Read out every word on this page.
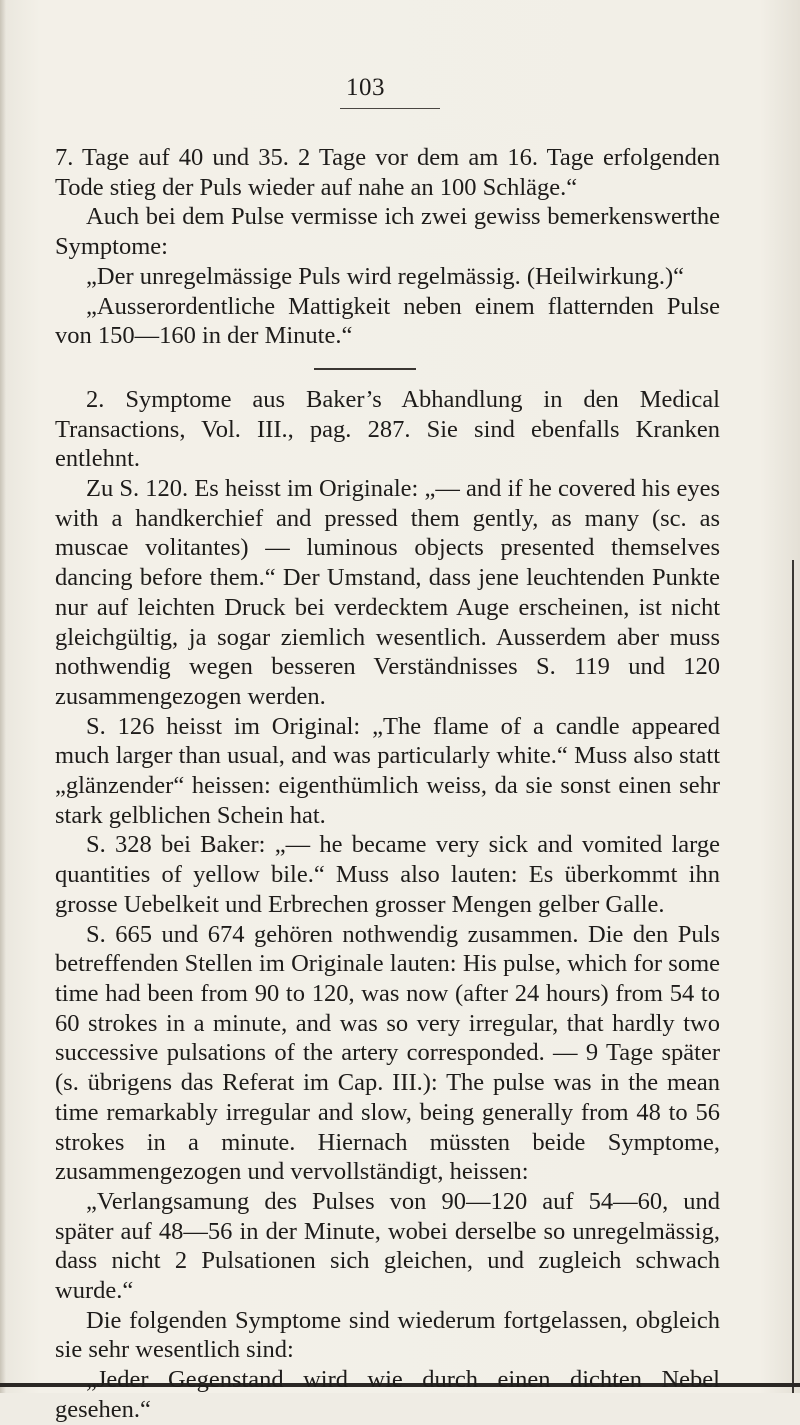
103

7. Tage auf 40 und 35. 2 Tage vor dem am 16. Tage erfolgenden Tode stieg der Puls wieder auf nahe an 100 Schläge.“

Auch bei dem Pulse vermisse ich zwei gewiss bemerkenswerthe Symptome:

„Der unregelmässige Puls wird regelmässig. (Heilwirkung.)“

„Ausserordentliche Mattigkeit neben einem flatternden Pulse von 150—160 in der Minute.“

2. Symptome aus Baker’s Abhandlung in den Medical Transactions, Vol. III., pag. 287. Sie sind ebenfalls Kranken entlehnt.

Zu S. 120. Es heisst im Originale: „— and if he covered his eyes with a handkerchief and pressed them gently, as many (sc. as muscae volitantes) — luminous objects presented themselves dancing before them.“ Der Umstand, dass jene leuchtenden Punkte nur auf leichten Druck bei verdecktem Auge erscheinen, ist nicht gleichgültig, ja sogar ziemlich wesentlich. Ausserdem aber muss nothwendig wegen besseren Verständnisses S. 119 und 120 zusammengezogen werden.

S. 126 heisst im Original: „The flame of a candle appeared much larger than usual, and was particularly white.“ Muss also statt „glänzender“ heissen: eigenthümlich weiss, da sie sonst einen sehr stark gelblichen Schein hat.

S. 328 bei Baker: „— he became very sick and vomited large quantities of yellow bile.“ Muss also lauten: Es überkommt ihn grosse Uebelkeit und Erbrechen grosser Mengen gelber Galle.

S. 665 und 674 gehören nothwendig zusammen. Die den Puls betreffenden Stellen im Originale lauten: His pulse, which for some time had been from 90 to 120, was now (after 24 hours) from 54 to 60 strokes in a minute, and was so very irregular, that hardly two successive pulsations of the artery corresponded. — 9 Tage später (s. übrigens das Referat im Cap. III.): The pulse was in the mean time remarkably irregular and slow, being generally from 48 to 56 strokes in a minute. Hiernach müssten beide Symptome, zusammengezogen und vervollständigt, heissen:

„Verlangsamung des Pulses von 90—120 auf 54—60, und später auf 48—56 in der Minute, wobei derselbe so unregelmässig, dass nicht 2 Pulsationen sich gleichen, und zugleich schwach wurde.“

Die folgenden Symptome sind wiederum fortgelassen, obgleich sie sehr wesentlich sind:

„Jeder Gegenstand wird wie durch einen dichten Nebel gesehen.“
